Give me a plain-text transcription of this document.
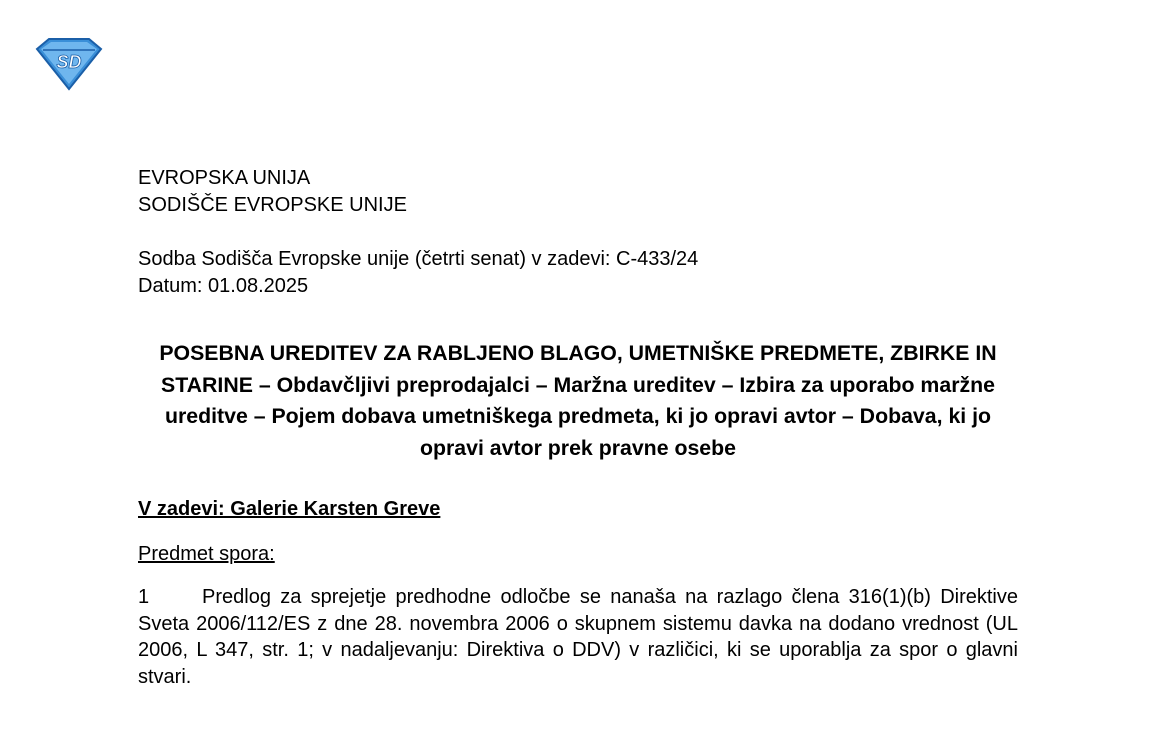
SD
EVROPSKA UNIJA
SODIŠČE EVROPSKE UNIJE
Sodba Sodišča Evropske unije (četrti senat) v zadevi: C-433/24
Datum: 01.08.2025
POSEBNA UREDITEV ZA RABLJENO BLAGO, UMETNIŠKE PREDMETE, ZBIRKE IN STARINE – Obdavčljivi preprodajalci – Maržna ureditev – Izbira za uporabo maržne ureditve – Pojem dobava umetniškega predmeta, ki jo opravi avtor – Dobava, ki jo opravi avtor prek pravne osebe
V zadevi: Galerie Karsten Greve
Predmet spora:
1	Predlog za sprejetje predhodne odločbe se nanaša na razlago člena 316(1)(b) Direktive Sveta 2006/112/ES z dne 28. novembra 2006 o skupnem sistemu davka na dodano vrednost (UL 2006, L 347, str. 1; v nadaljevanju: Direktiva o DDV) v različici, ki se uporablja za spor o glavni stvari.
